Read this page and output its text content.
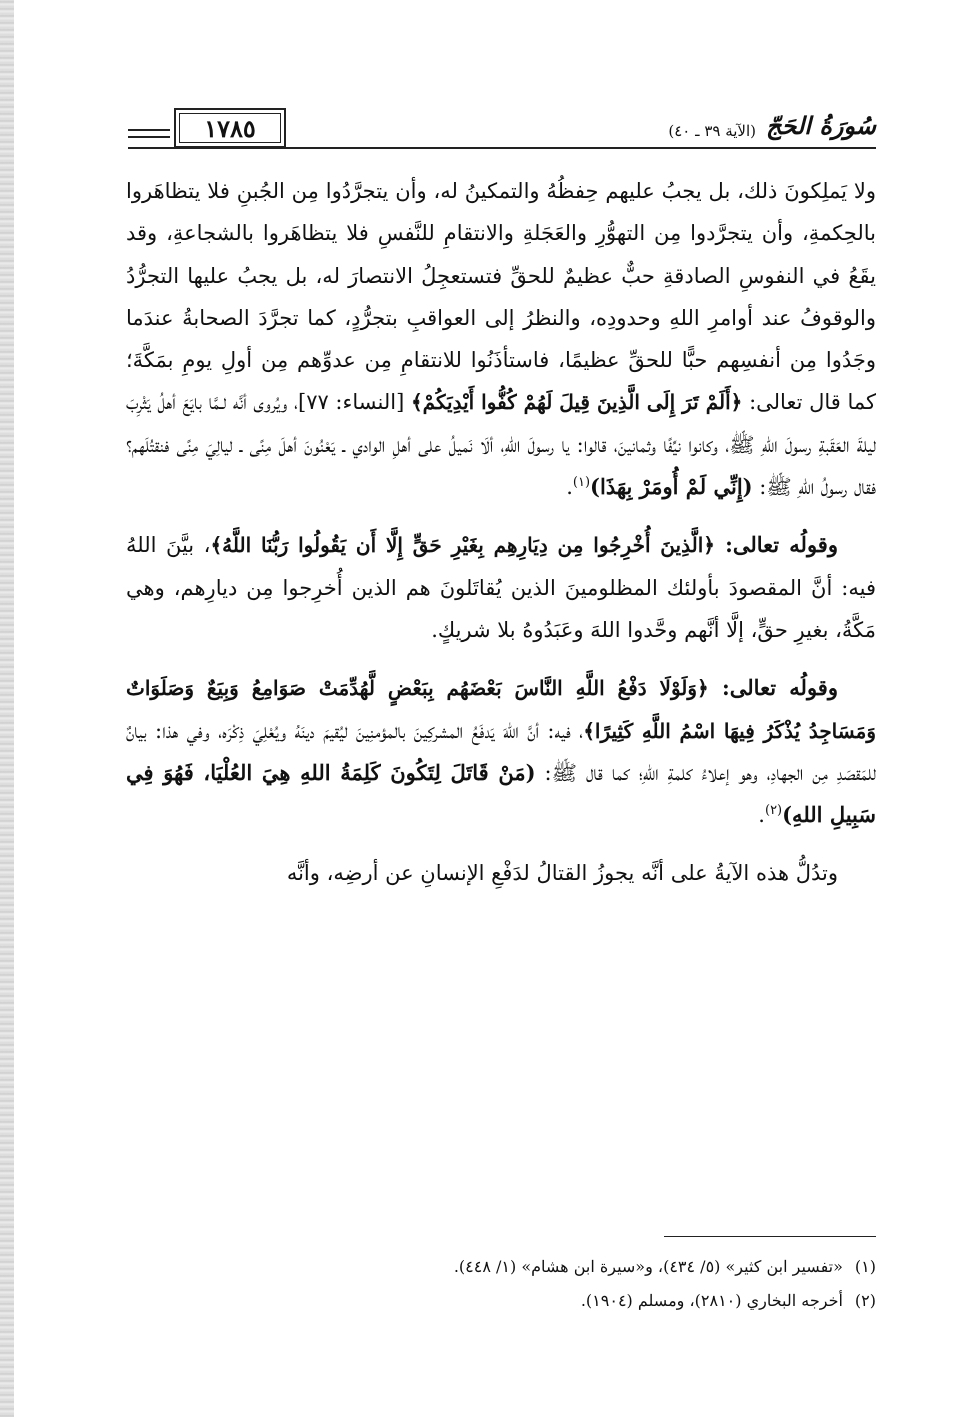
١٧٨٥	سُورَةُ الحَجّ
(الآية ٣٩ ـ ٤٠)

ولا يَملِكونَ ذلك، بل يجبُ عليهم حِفظُهُ والتمكينُ له، وأن يتجرَّدُوا مِن الجُبنِ فلا يتظاهَروا بالحِكمةِ، وأن يتجرَّدوا مِن التهوُّرِ والعَجَلةِ والانتقامِ للنَّفسِ فلا يتظاهَروا بالشجاعةِ، وقد يقَعُ في النفوسِ الصادقةِ حبٌّ عظيمٌ للحقِّ فتستعجِلُ الانتصارَ له، بل يجبُ عليها التجرُّدُ والوقوفُ عند أوامرِ اللهِ وحدودِه، والنظرُ إلى العواقبِ بتجرُّدٍ، كما تجرَّدَ الصحابةُ عندَما وجَدُوا مِن أنفسِهم حبًّا للحقِّ عظيمًا، فاستأذَنُوا للانتقامِ مِن عدوِّهم مِن أولِ يومِ بمَكَّةَ؛ كما قال تعالى: ﴿أَلَمْ تَرَ إِلَى الَّذِينَ قِيلَ لَهُمْ كُفُّوا أَيْدِيَكُمْ﴾ [النساء: ٧٧]، ويُروى أنَّه لـمَّا بايَعَ أهلُ يَثْرِبَ ليلةَ العَقَبةِ رسولَ اللهِ ﷺ، وكانوا نيِّفًا وثمانينَ، قالوا: يا رسولَ اللهِ، ألَا نَميلُ على أهلِ الوادي ـ يَعْنُونَ أهلَ مِنًى ـ ليالِيَ مِنًى فنقتُلَهم؟ فقال رسولُ اللهِ ﷺ: (إِنِّي لَمْ أُومَرْ بِهَذَا)$^{(١)}$.

وقولُه تعالى: ﴿الَّذِينَ أُخْرِجُوا مِن دِيَارِهِم بِغَيْرِ حَقٍّ إِلَّا أَن يَقُولُوا رَبُّنَا اللَّهُ﴾، بيَّنَ اللهُ فيه: أنَّ المقصودَ بأولئك المظلومينَ الذين يُقاتَلونَ هم الذين أُخرِجوا مِن ديارِهم، وهي مَكَّةُ، بغيرِ حقٍّ، إلَّا أنَّهم وحَّدوا اللهَ وعَبَدُوهُ بلا شريكٍ.

وقولُه تعالى: ﴿وَلَوْلَا دَفْعُ اللَّهِ النَّاسَ بَعْضَهُم بِبَعْضٍ لَّهُدِّمَتْ صَوَامِعُ وَبِيَعٌ وَصَلَوَاتٌ وَمَسَاجِدُ يُذْكَرُ فِيهَا اسْمُ اللَّهِ كَثِيرًا﴾، فيه: أنَّ اللهَ يَدفَعُ المشركِينَ بالمؤمنِينَ ليُقيمَ دينَهُ ويُعْلِيَ ذِكْرَه، وفي هذا: بيانٌ للمَقصَدِ مِن الجهادِ، وهو إعلاءُ كلمةِ اللهِ؛ كما قال ﷺ: (مَنْ قَاتَلَ لِتَكُونَ كَلِمَةُ اللهِ هِيَ العُلْيَا، فَهُوَ فِي سَبِيلِ اللهِ)$^{(٢)}$.

وتدُلُّ هذه الآيةُ على أنَّه يجوزُ القتالُ لدَفْعِ الإنسانِ عن أرضِه، وأنَّه

(١)«تفسير ابن كثير» (٥/ ٤٣٤)، و«سيرة ابن هشام» (١/ ٤٤٨).
(٢)أخرجه البخاري (٢٨١٠)، ومسلم (١٩٠٤).
